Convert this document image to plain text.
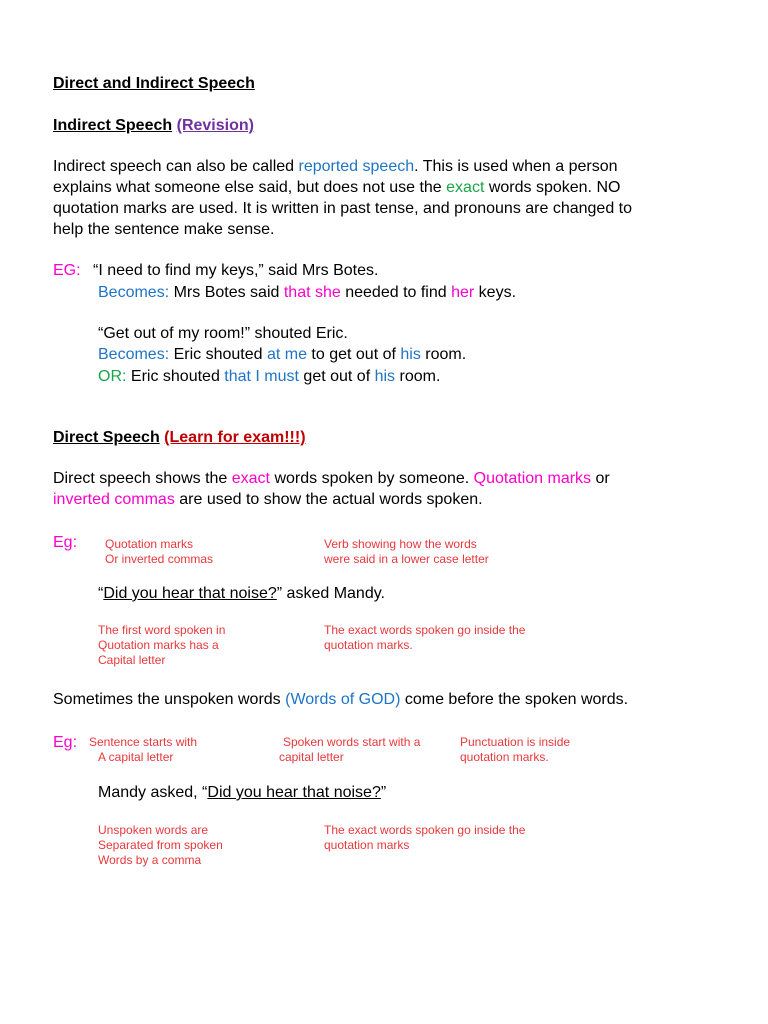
Direct and Indirect Speech
Indirect Speech (Revision)
Indirect speech can also be called reported speech. This is used when a person
explains what someone else said, but does not use the exact words spoken. NO
quotation marks are used. It is written in past tense, and pronouns are changed to
help the sentence make sense.
EG: “I need to find my keys,” said Mrs Botes.
Becomes: Mrs Botes said that she needed to find her keys.
“Get out of my room!” shouted Eric.
Becomes: Eric shouted at me to get out of his room.
OR: Eric shouted that I must get out of his room.
Direct Speech (Learn for exam!!!)
Direct speech shows the exact words spoken by someone. Quotation marks or
inverted commas are used to show the actual words spoken.
Eg: Quotation marks
Or inverted commas
Verb showing how the words
were said in a lower case letter
“Did you hear that noise?” asked Mandy.
The first word spoken in
Quotation marks has a
Capital letter
The exact words spoken go inside the
quotation marks.
Sometimes the unspoken words (Words of GOD) come before the spoken words.
Eg: Sentence starts with
A capital letter
Spoken words start with a
capital letter
Punctuation is inside
quotation marks.
Mandy asked, “Did you hear that noise?”
Unspoken words are
Separated from spoken
Words by a comma
The exact words spoken go inside the
quotation marks
